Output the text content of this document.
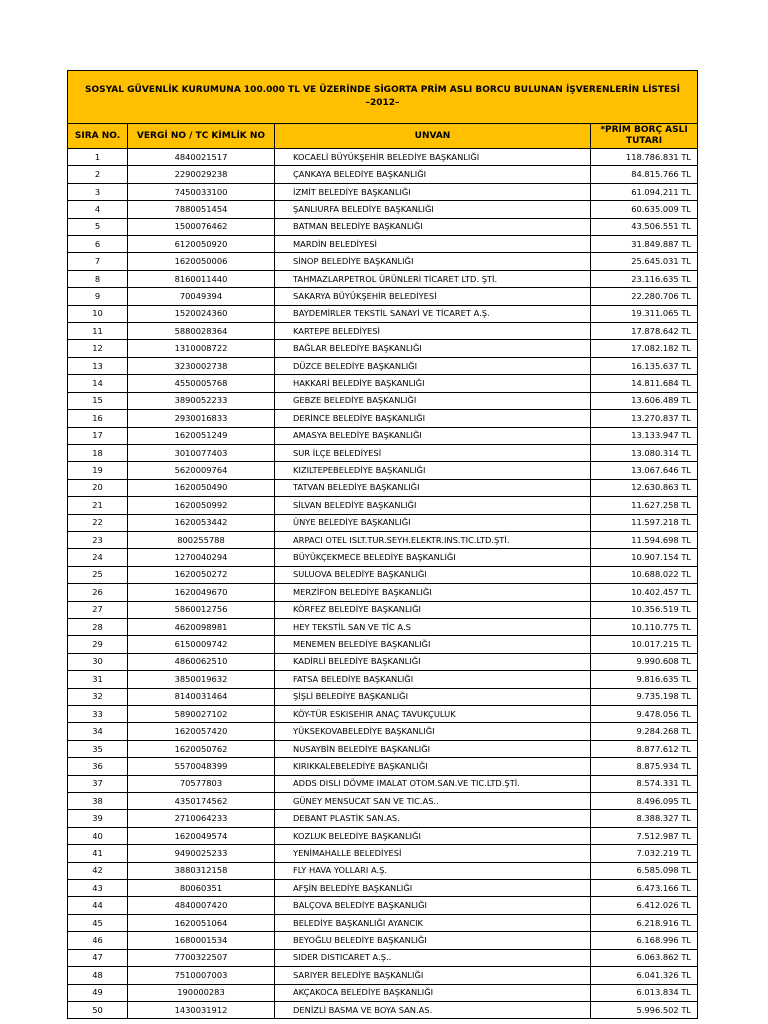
SOSYAL GÜVENLİK KURUMUNA 100.000 TL VE ÜZERİNDE SİGORTA PRİM ASLI BORCU BULUNAN İŞVERENLERİN LİSTESİ
–2012–			

SIRA NO.	VERGİ NO / TC KİMLİK NO	UNVAN	*PRİM BORÇ ASLI TUTARI
1	4840021517	KOCAELİ BÜYÜKŞEHİR BELEDİYE BAŞKANLIĞI	118.786.831 TL
2	2290029238	ÇANKAYA BELEDİYE BAŞKANLIĞI	84.815.766 TL
3	7450033100	İZMİT BELEDİYE BAŞKANLIĞI	61.094.211 TL
4	7880051454	ŞANLIURFA BELEDİYE BAŞKANLIĞI	60.635.009 TL
5	1500076462	BATMAN BELEDİYE BAŞKANLIĞI	43.506.551 TL
6	6120050920	MARDİN BELEDİYESİ	31.849.887 TL
7	1620050006	SİNOP BELEDİYE BAŞKANLIĞI	25.645.031 TL
8	8160011440	TAHMAZLARPETROL ÜRÜNLERİ TİCARET LTD. ŞTİ.	23.116.635 TL
9	70049394	SAKARYA BÜYÜKŞEHİR BELEDİYESİ	22.280.706 TL
10	1520024360	BAYDEMİRLER TEKSTİL SANAYİ VE TİCARET A.Ş.	19.311.065 TL
11	5880028364	KARTEPE BELEDİYESİ	17.878.642 TL
12	1310008722	BAĞLAR BELEDİYE BAŞKANLIĞI	17.082.182 TL
13	3230002738	DÜZCE BELEDİYE BAŞKANLIĞI	16.135.637 TL
14	4550005768	HAKKARİ BELEDİYE BAŞKANLIĞI	14.811.684 TL
15	3890052233	GEBZE BELEDİYE BAŞKANLIĞI	13.606.489 TL
16	2930016833	DERİNCE BELEDİYE BAŞKANLIĞI	13.270.837 TL
17	1620051249	AMASYA BELEDİYE BAŞKANLIĞI	13.133.947 TL
18	3010077403	SUR İLÇE BELEDİYESİ	13.080.314 TL
19	5620009764	KIZILTEPEBELEDİYE BAŞKANLIĞI	13.067.646 TL
20	1620050490	TATVAN BELEDİYE BAŞKANLIĞI	12.630.863 TL
21	1620050992	SİLVAN BELEDİYE BAŞKANLIĞI	11.627.258 TL
22	1620053442	ÜNYE BELEDİYE BAŞKANLIĞI	11.597.218 TL
23	800255788	ARPACI OTEL ISLT.TUR.SEYH.ELEKTR.INS.TIC.LTD.ŞTİ.	11.594.698 TL
24	1270040294	BÜYÜKÇEKMECE BELEDİYE BAŞKANLIĞI	10.907.154 TL
25	1620050272	SULUOVA BELEDİYE BAŞKANLIĞI	10.688.022 TL
26	1620049670	MERZİFON BELEDİYE BAŞKANLIĞI	10.402.457 TL
27	5860012756	KÖRFEZ BELEDİYE BAŞKANLIĞI	10.356.519 TL
28	4620098981	HEY TEKSTİL SAN VE TİC A.S	10.110.775 TL
29	6150009742	MENEMEN BELEDİYE BAŞKANLIĞI	10.017.215 TL
30	4860062510	KADİRLİ BELEDİYE BAŞKANLIĞI	9.990.608 TL
31	3850019632	FATSA BELEDİYE BAŞKANLIĞI	9.816.635 TL
32	8140031464	ŞİŞLİ BELEDİYE BAŞKANLIĞI	9.735.198 TL
33	5890027102	KÖY-TÜR ESKISEHIR ANAÇ TAVUKÇULUK	9.478.056 TL
34	1620057420	YÜKSEKOVABELEDİYE BAŞKANLIĞI	9.284.268 TL
35	1620050762	NUSAYBİN BELEDİYE BAŞKANLIĞI	8.877.612 TL
36	5570048399	KIRIKKALEBELEDİYE BAŞKANLIĞI	8.875.934 TL
37	70577803	ADDS DISLI DÖVME IMALAT OTOM.SAN.VE TIC.LTD.ŞTİ.	8.574.331 TL
38	4350174562	GÜNEY MENSUCAT SAN VE TIC.AS..	8.496.095 TL
39	2710064233	DEBANT PLASTİK SAN.AS.	8.388.327 TL
40	1620049574	KOZLUK BELEDİYE BAŞKANLIĞI	7.512.987 TL
41	9490025233	YENİMAHALLE BELEDİYESİ	7.032.219 TL
42	3880312158	FLY HAVA YOLLARI A.Ş.	6.585.098 TL
43	80060351	AFŞİN BELEDİYE BAŞKANLIĞI	6.473.166 TL
44	4840007420	BALÇOVA BELEDİYE BAŞKANLIĞI	6.412.026 TL
45	1620051064	BELEDİYE BAŞKANLIĞI AYANCIK	6.218.916 TL
46	1680001534	BEYOĞLU BELEDİYE BAŞKANLIĞI	6.168.996 TL
47	7700322507	SIDER DISTICARET A.Ş..	6.063.862 TL
48	7510007003	SARIYER BELEDİYE BAŞKANLIĞI	6.041.326 TL
49	190000283	AKÇAKOCA BELEDİYE BAŞKANLIĞI	6.013.834 TL
50	1430031912	DENİZLİ BASMA VE BOYA SAN.AS.	5.996.502 TL
